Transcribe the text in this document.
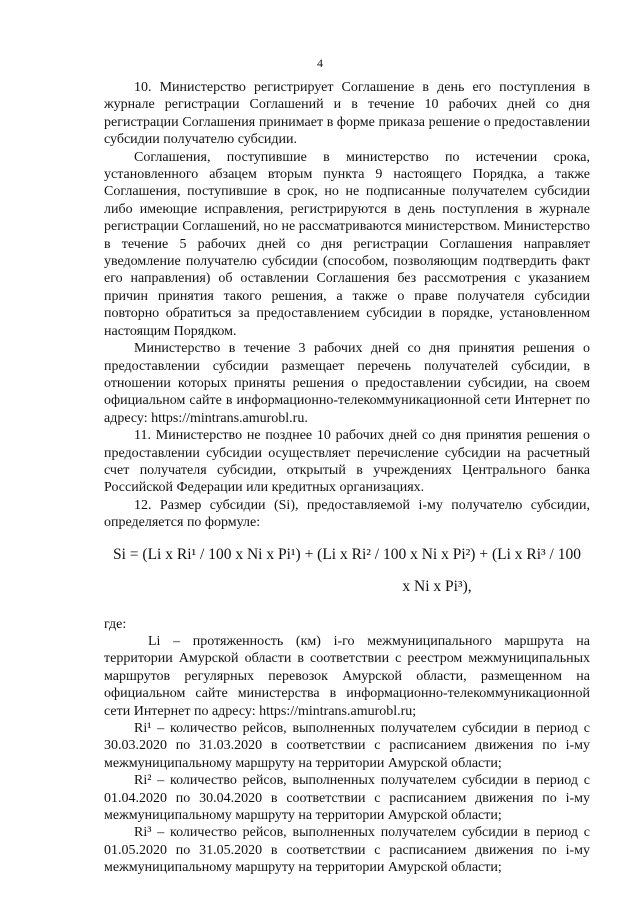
4

10. Министерство регистрирует Соглашение в день его поступления в журнале регистрации Соглашений и в течение 10 рабочих дней со дня регистрации Соглашения принимает в форме приказа решение о предоставлении субсидии получателю субсидии.

Соглашения, поступившие в министерство по истечении срока, установленного абзацем вторым пункта 9 настоящего Порядка, а также Соглашения, поступившие в срок, но не подписанные получателем субсидии либо имеющие исправления, регистрируются в день поступления в журнале регистрации Соглашений, но не рассматриваются министерством. Министерство в течение 5 рабочих дней со дня регистрации Соглашения направляет уведомление получателю субсидии (способом, позволяющим подтвердить факт его направления) об оставлении Соглашения без рассмотрения с указанием причин принятия такого решения, а также о праве получателя субсидии повторно обратиться за предоставлением субсидии в порядке, установленном настоящим Порядком.

Министерство в течение 3 рабочих дней со дня принятия решения о предоставлении субсидии размещает перечень получателей субсидии, в отношении которых приняты решения о предоставлении субсидии, на своем официальном сайте в информационно-телекоммуникационной сети Интернет по адресу: https://mintrans.amurobl.ru.

11. Министерство не позднее 10 рабочих дней со дня принятия решения о предоставлении субсидии осуществляет перечисление субсидии на расчетный счет получателя субсидии, открытый в учреждениях Центрального банка Российской Федерации или кредитных организациях.

12. Размер субсидии (Si), предоставляемой i-му получателю субсидии, определяется по формуле:

Si = (Li x Ri¹ / 100 x Ni x Pi¹) + (Li x Ri² / 100 x Ni x Pi²) + (Li x Ri³ / 100
x Ni x Pi³),

где:

Li – протяженность (км) i-го межмуниципального маршрута на территории Амурской области в соответствии с реестром межмуниципальных маршрутов регулярных перевозок Амурской области, размещенном на официальном сайте министерства в информационно-телекоммуникационной сети Интернет по адресу: https://mintrans.amurobl.ru;

Ri¹ – количество рейсов, выполненных получателем субсидии в период с 30.03.2020 по 31.03.2020 в соответствии с расписанием движения по i-му межмуниципальному маршруту на территории Амурской области;

Ri² – количество рейсов, выполненных получателем субсидии в период с 01.04.2020 по 30.04.2020 в соответствии с расписанием движения по i-му межмуниципальному маршруту на территории Амурской области;

Ri³ – количество рейсов, выполненных получателем субсидии в период с 01.05.2020 по 31.05.2020 в соответствии с расписанием движения по i-му межмуниципальному маршруту на территории Амурской области;
